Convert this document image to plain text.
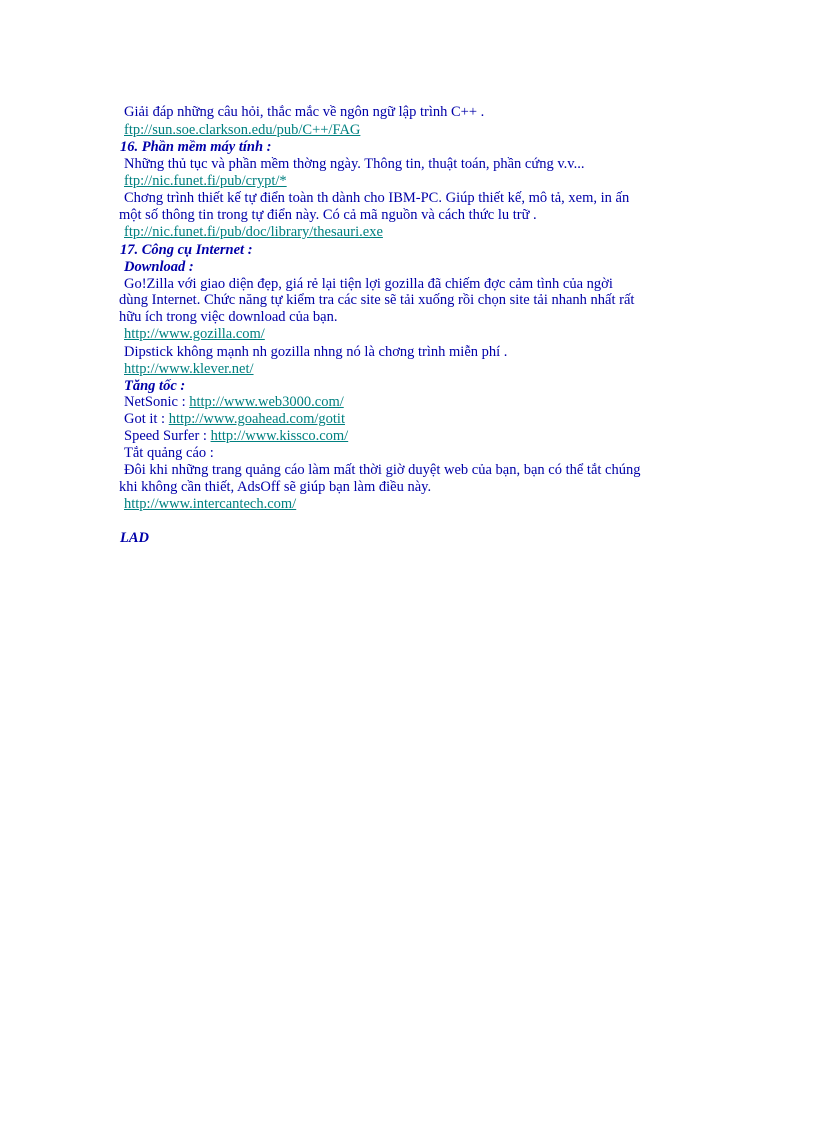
Giải đáp những câu hỏi, thắc mắc về ngôn ngữ lập trình C++ .
ftp://sun.soe.clarkson.edu/pub/C++/FAG
16. Phần mềm máy tính :
Những thủ tục và phần mềm thờng ngày. Thông tin, thuật toán, phần cứng v.v...
ftp://nic.funet.fi/pub/crypt/*
Chơng trình thiết kế tự điển toàn th dành cho IBM-PC. Giúp thiết kế, mô tả, xem, in ấn
một số thông tin trong tự điển này. Có cả mã nguồn và cách thức lu trữ .
ftp://nic.funet.fi/pub/doc/library/thesauri.exe
17. Công cụ Internet :
Download :
Go!Zilla với giao diện đẹp, giá rẻ lại tiện lợi gozilla đã chiếm đợc cảm tình của ngời
dùng Internet. Chức năng tự kiểm tra các site sẽ tải xuống rồi chọn site tải nhanh nhất rất
hữu ích trong việc download của bạn.
http://www.gozilla.com/
Dipstick không mạnh nh gozilla nhng nó là chơng trình miễn phí .
http://www.klever.net/
Tăng tốc :
NetSonic : http://www.web3000.com/
Got it : http://www.goahead.com/gotit
Speed Surfer : http://www.kissco.com/
Tắt quảng cáo :
Đôi khi những trang quảng cáo làm mất thời giờ duyệt web của bạn, bạn có thể tắt chúng
khi không cần thiết, AdsOff sẽ giúp bạn làm điều này.
http://www.intercantech.com/
LAD
